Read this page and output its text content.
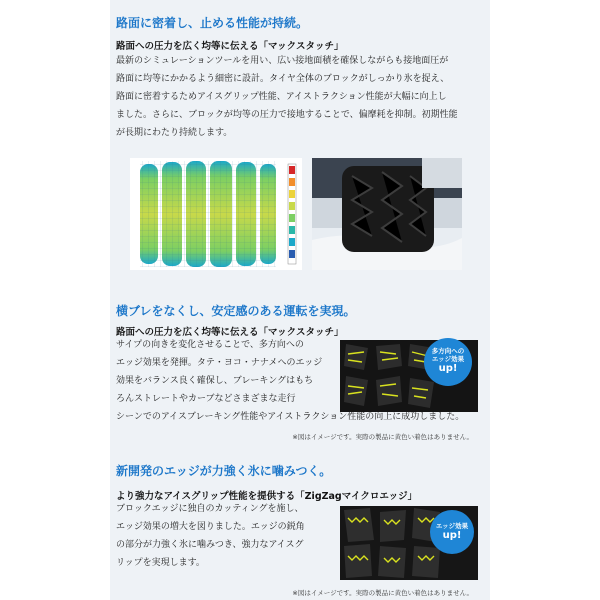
路面に密着し、止める性能が持続。
路面への圧力を広く均等に伝える「マックスタッチ」
最新のシミュレーションツールを用い、広い接地面積を確保しながらも接地面圧が
路面に均等にかかるよう細密に設計。タイヤ全体のブロックがしっかり氷を捉え、
路面に密着するためアイスグリップ性能、アイストラクション性能が大幅に向上し
ました。さらに、ブロックが均等の圧力で接地することで、偏摩耗を抑制。初期性能
が長期にわたり持続します。
横ブレをなくし、安定感のある運転を実現。
路面への圧力を広く均等に伝える「マックスタッチ」
サイプの向きを変化させることで、多方向への
エッジ効果を発揮。タテ・ヨコ・ナナメへのエッジ
効果をバランス良く確保し、ブレーキングはもち
ろんストレートやカーブなどさまざまな走行
シーンでのアイスブレーキング性能やアイストラクション性能の向上に成功しました。
多方向への
エッジ効果
up!
※図はイメージです。実際の製品に黄色い着色はありません。
新開発のエッジが力強く氷に噛みつく。
より強力なアイスグリップ性能を提供する「ZigZagマイクロエッジ」
ブロックエッジに独自のカッティングを施し、
エッジ効果の増大を図りました。エッジの鋭角
の部分が力強く氷に噛みつき、強力なアイスグ
リップを実現します。
エッジ効果
up!
※図はイメージです。実際の製品に黄色い着色はありません。
